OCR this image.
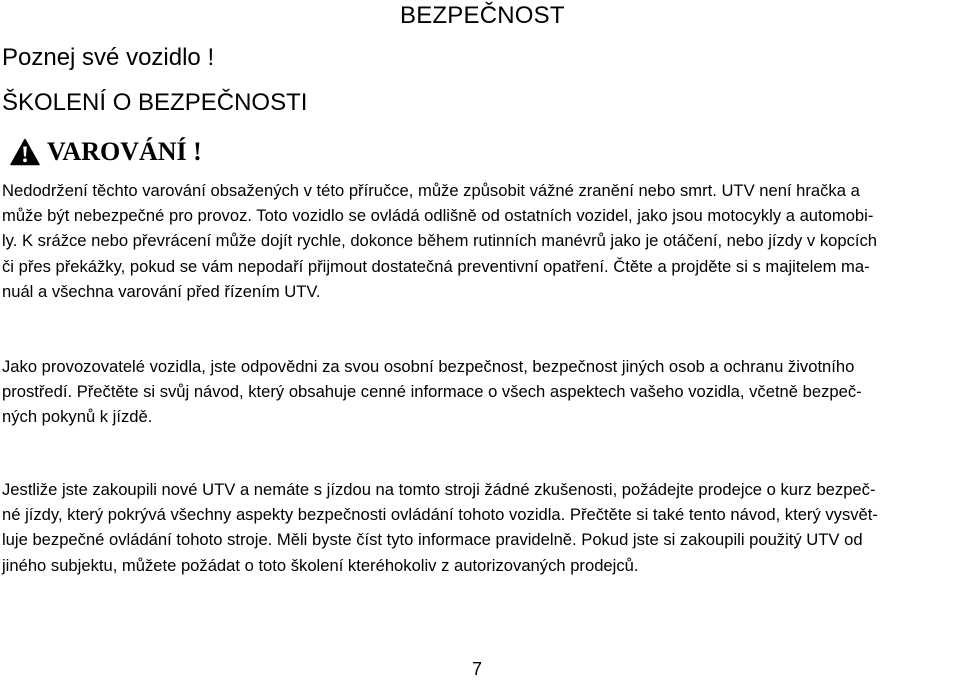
BEZPEČNOST
Poznej své vozidlo !
ŠKOLENÍ O BEZPEČNOSTI
VAROVÁNÍ !

Nedodržení těchto varování obsažených v této příručce, může způsobit vážné zranění nebo smrt. UTV není hračka a
může být nebezpečné pro provoz. Toto vozidlo se ovládá odlišně od ostatních vozidel, jako jsou motocykly a automobi-
ly. K srážce nebo převrácení může dojít rychle, dokonce během rutinních manévrů jako je otáčení, nebo jízdy v kopcích
či přes překážky, pokud se vám nepodaří přijmout dostatečná preventivní opatření. Čtěte a projděte si s majitelem ma-
nuál a všechna varování před řízením UTV.

Jako provozovatelé vozidla, jste odpovědni za svou osobní bezpečnost, bezpečnost jiných osob a ochranu životního
prostředí. Přečtěte si svůj návod, který obsahuje cenné informace o všech aspektech vašeho vozidla, včetně bezpeč-
ných pokynů k jízdě.

Jestliže jste zakoupili nové UTV a nemáte s jízdou na tomto stroji žádné zkušenosti, požádejte prodejce o kurz bezpeč-
né jízdy, který pokrývá všechny aspekty bezpečnosti ovládání tohoto vozidla. Přečtěte si také tento návod, který vysvět-
luje bezpečné ovládání tohoto stroje. Měli byste číst tyto informace pravidelně. Pokud jste si zakoupili použitý UTV od
jiného subjektu, můžete požádat o toto školení kteréhokoliv z autorizovaných prodejců.

7
